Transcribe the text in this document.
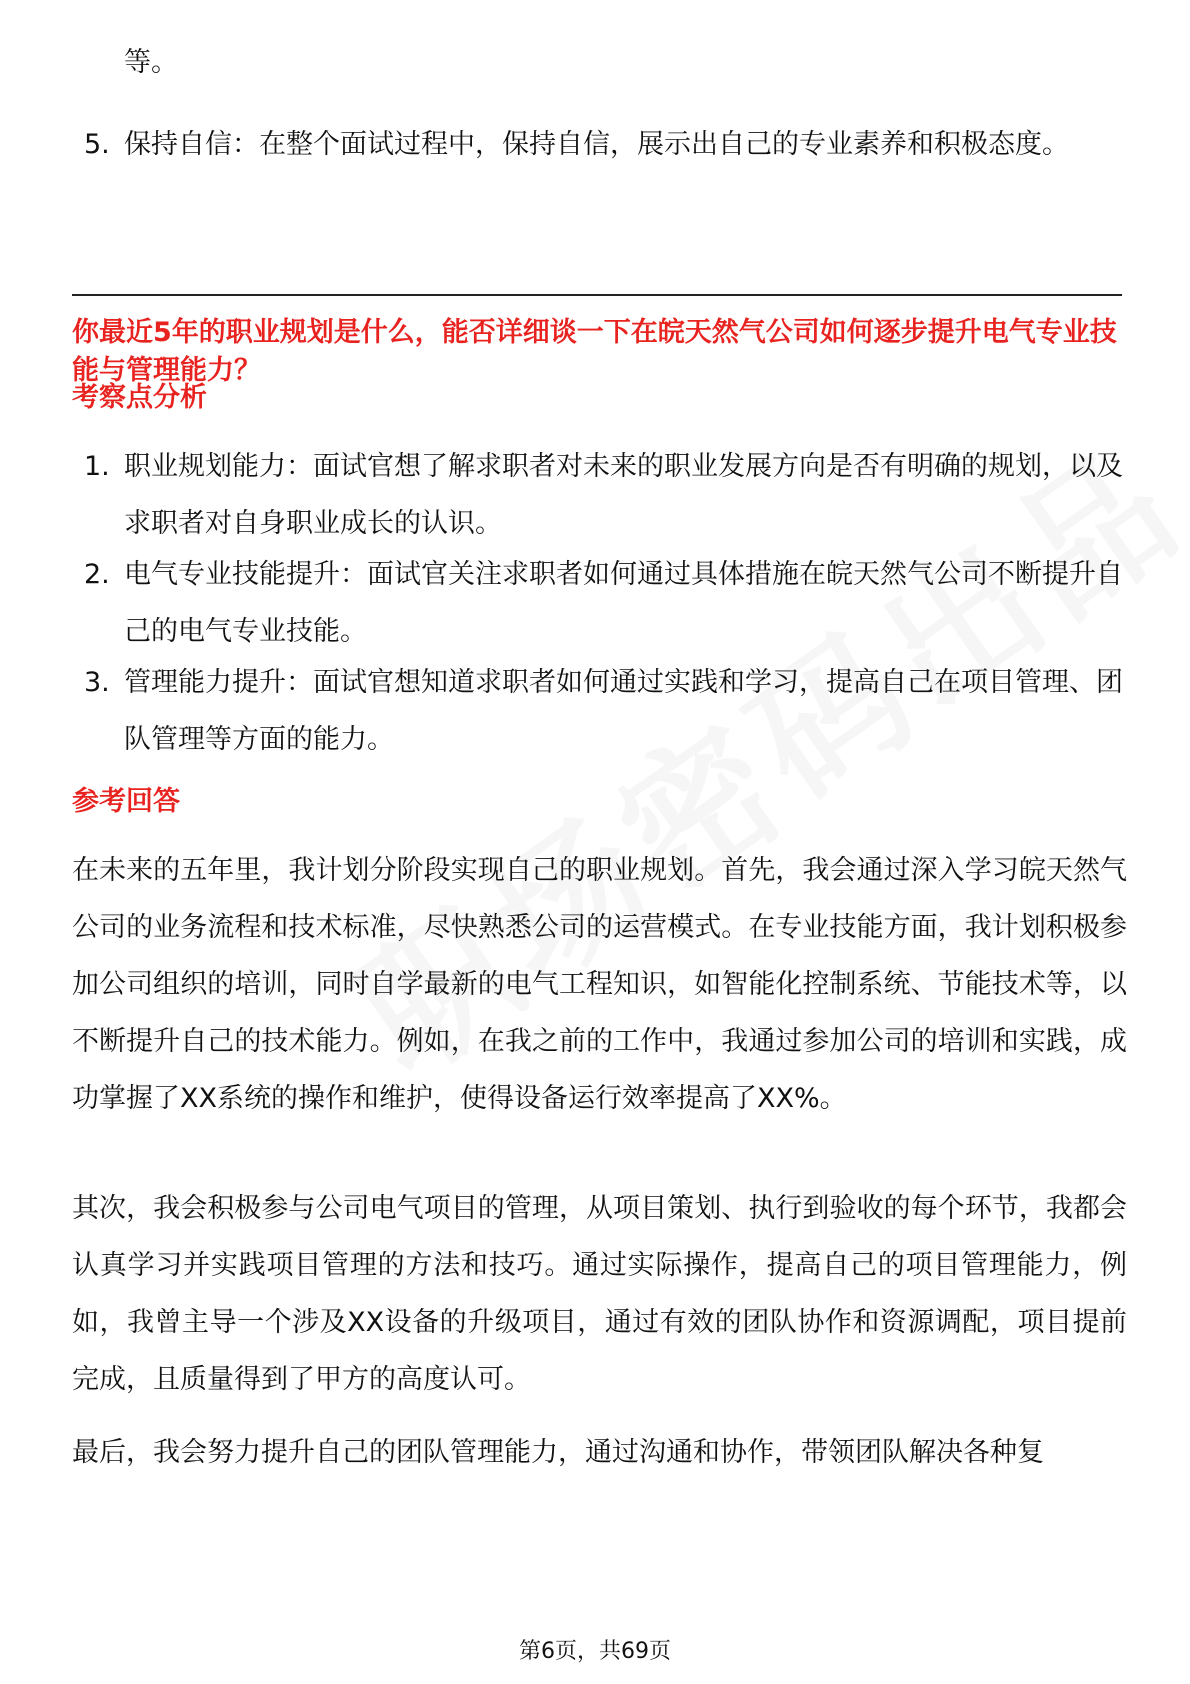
等。
5. 保持自信：在整个面试过程中，保持自信，展示出自己的专业素养和积极态度。
你最近5年的职业规划是什么，能否详细谈一下在皖天然气公司如何逐步提升电气专业技能与管理能力？
考察点分析
1. 职业规划能力：面试官想了解求职者对未来的职业发展方向是否有明确的规划，以及求职者对自身职业成长的认识。
2. 电气专业技能提升：面试官关注求职者如何通过具体措施在皖天然气公司不断提升自己的电气专业技能。
3. 管理能力提升：面试官想知道求职者如何通过实践和学习，提高自己在项目管理、团队管理等方面的能力。
参考回答
在未来的五年里，我计划分阶段实现自己的职业规划。首先，我会通过深入学习皖天然气公司的业务流程和技术标准，尽快熟悉公司的运营模式。在专业技能方面，我计划积极参加公司组织的培训，同时自学最新的电气工程知识，如智能化控制系统、节能技术等，以不断提升自己的技术能力。例如，在我之前的工作中，我通过参加公司的培训和实践，成功掌握了XX系统的操作和维护，使得设备运行效率提高了XX%。
其次，我会积极参与公司电气项目的管理，从项目策划、执行到验收的每个环节，我都会认真学习并实践项目管理的方法和技巧。通过实际操作，提高自己的项目管理能力，例如，我曾主导一个涉及XX设备的升级项目，通过有效的团队协作和资源调配，项目提前完成，且质量得到了甲方的高度认可。
最后，我会努力提升自己的团队管理能力，通过沟通和协作，带领团队解决各种复
第6页，共69页
